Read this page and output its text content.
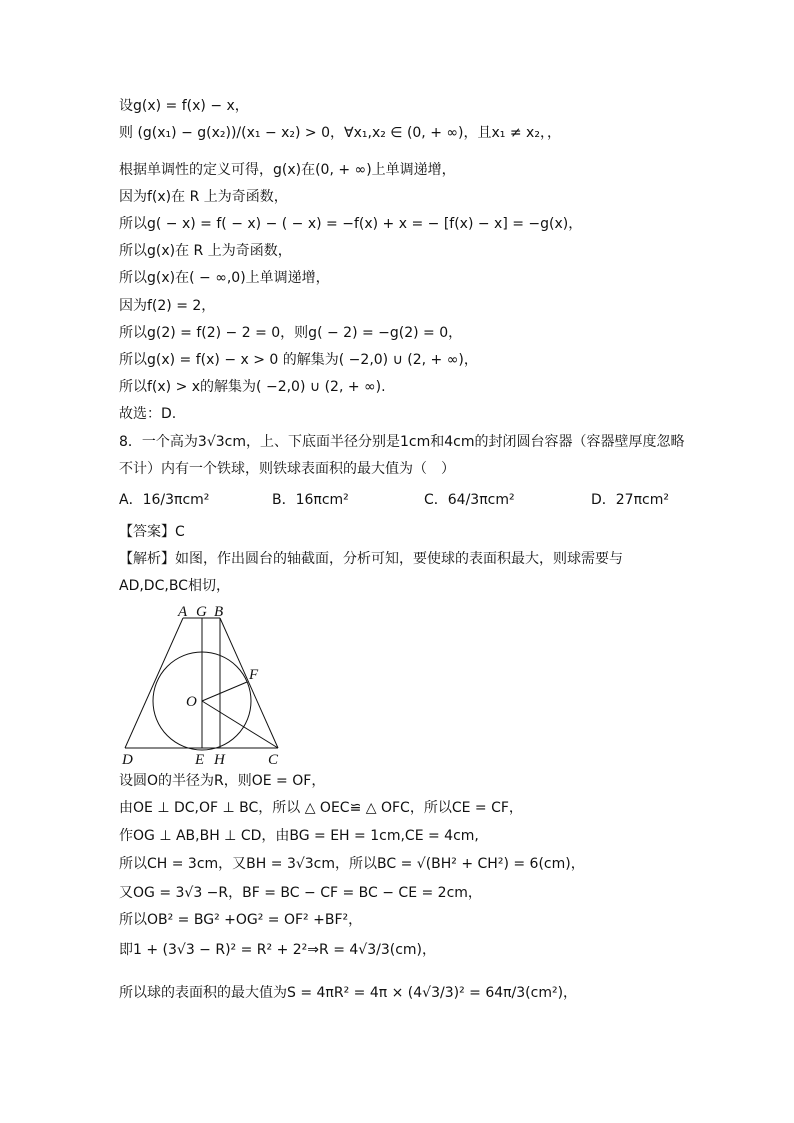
设g(x) = f(x) − x，
则 (g(x₁) − g(x₂))/(x₁ − x₂) > 0，∀x₁,x₂ ∈ (0, + ∞)，且x₁ ≠ x₂，，
根据单调性的定义可得，g(x)在(0, + ∞)上单调递增，
因为f(x)在 R 上为奇函数，
所以g( − x) = f( − x) − ( − x) = −f(x) + x = − [f(x) − x] = −g(x)，
所以g(x)在 R 上为奇函数，
所以g(x)在( − ∞,0)上单调递增，
因为f(2) = 2，
所以g(2) = f(2) − 2 = 0，则g( − 2) = −g(2) = 0，
所以g(x) = f(x) − x > 0 的解集为( −2,0) ∪ (2, + ∞)，
所以f(x) > x的解集为( −2,0) ∪ (2, + ∞).
故选：D.
8．一个高为3√3cm，上、下底面半径分别是1cm和4cm的封闭圆台容器（容器壁厚度忽略
不计）内有一个铁球，则铁球表面积的最大值为（　）
A．16/3πcm²	B．16πcm²	C．64/3πcm²	D．27πcm²
【答案】C
【解析】如图，作出圆台的轴截面，分析可知，要使球的表面积最大，则球需要与
AD,DC,BC相切，
A G B
F
O
D	E H	C
设圆O的半径为R，则OE = OF，
由OE ⊥ DC,OF ⊥ BC，所以 △ OEC≌ △ OFC，所以CE = CF，
作OG ⊥ AB,BH ⊥ CD，由BG = EH = 1cm,CE = 4cm,
所以CH = 3cm，又BH = 3√3cm，所以BC = √(BH² + CH²) = 6(cm)，
又OG = 3√3 −R，BF = BC − CF = BC − CE = 2cm，
所以OB² = BG² +OG² = OF² +BF²，
即1 + (3√3 − R)² = R² + 2²⇒R = 4√3/3(cm)，
所以球的表面积的最大值为S = 4πR² = 4π × (4√3/3)² = 64π/3(cm²)，
